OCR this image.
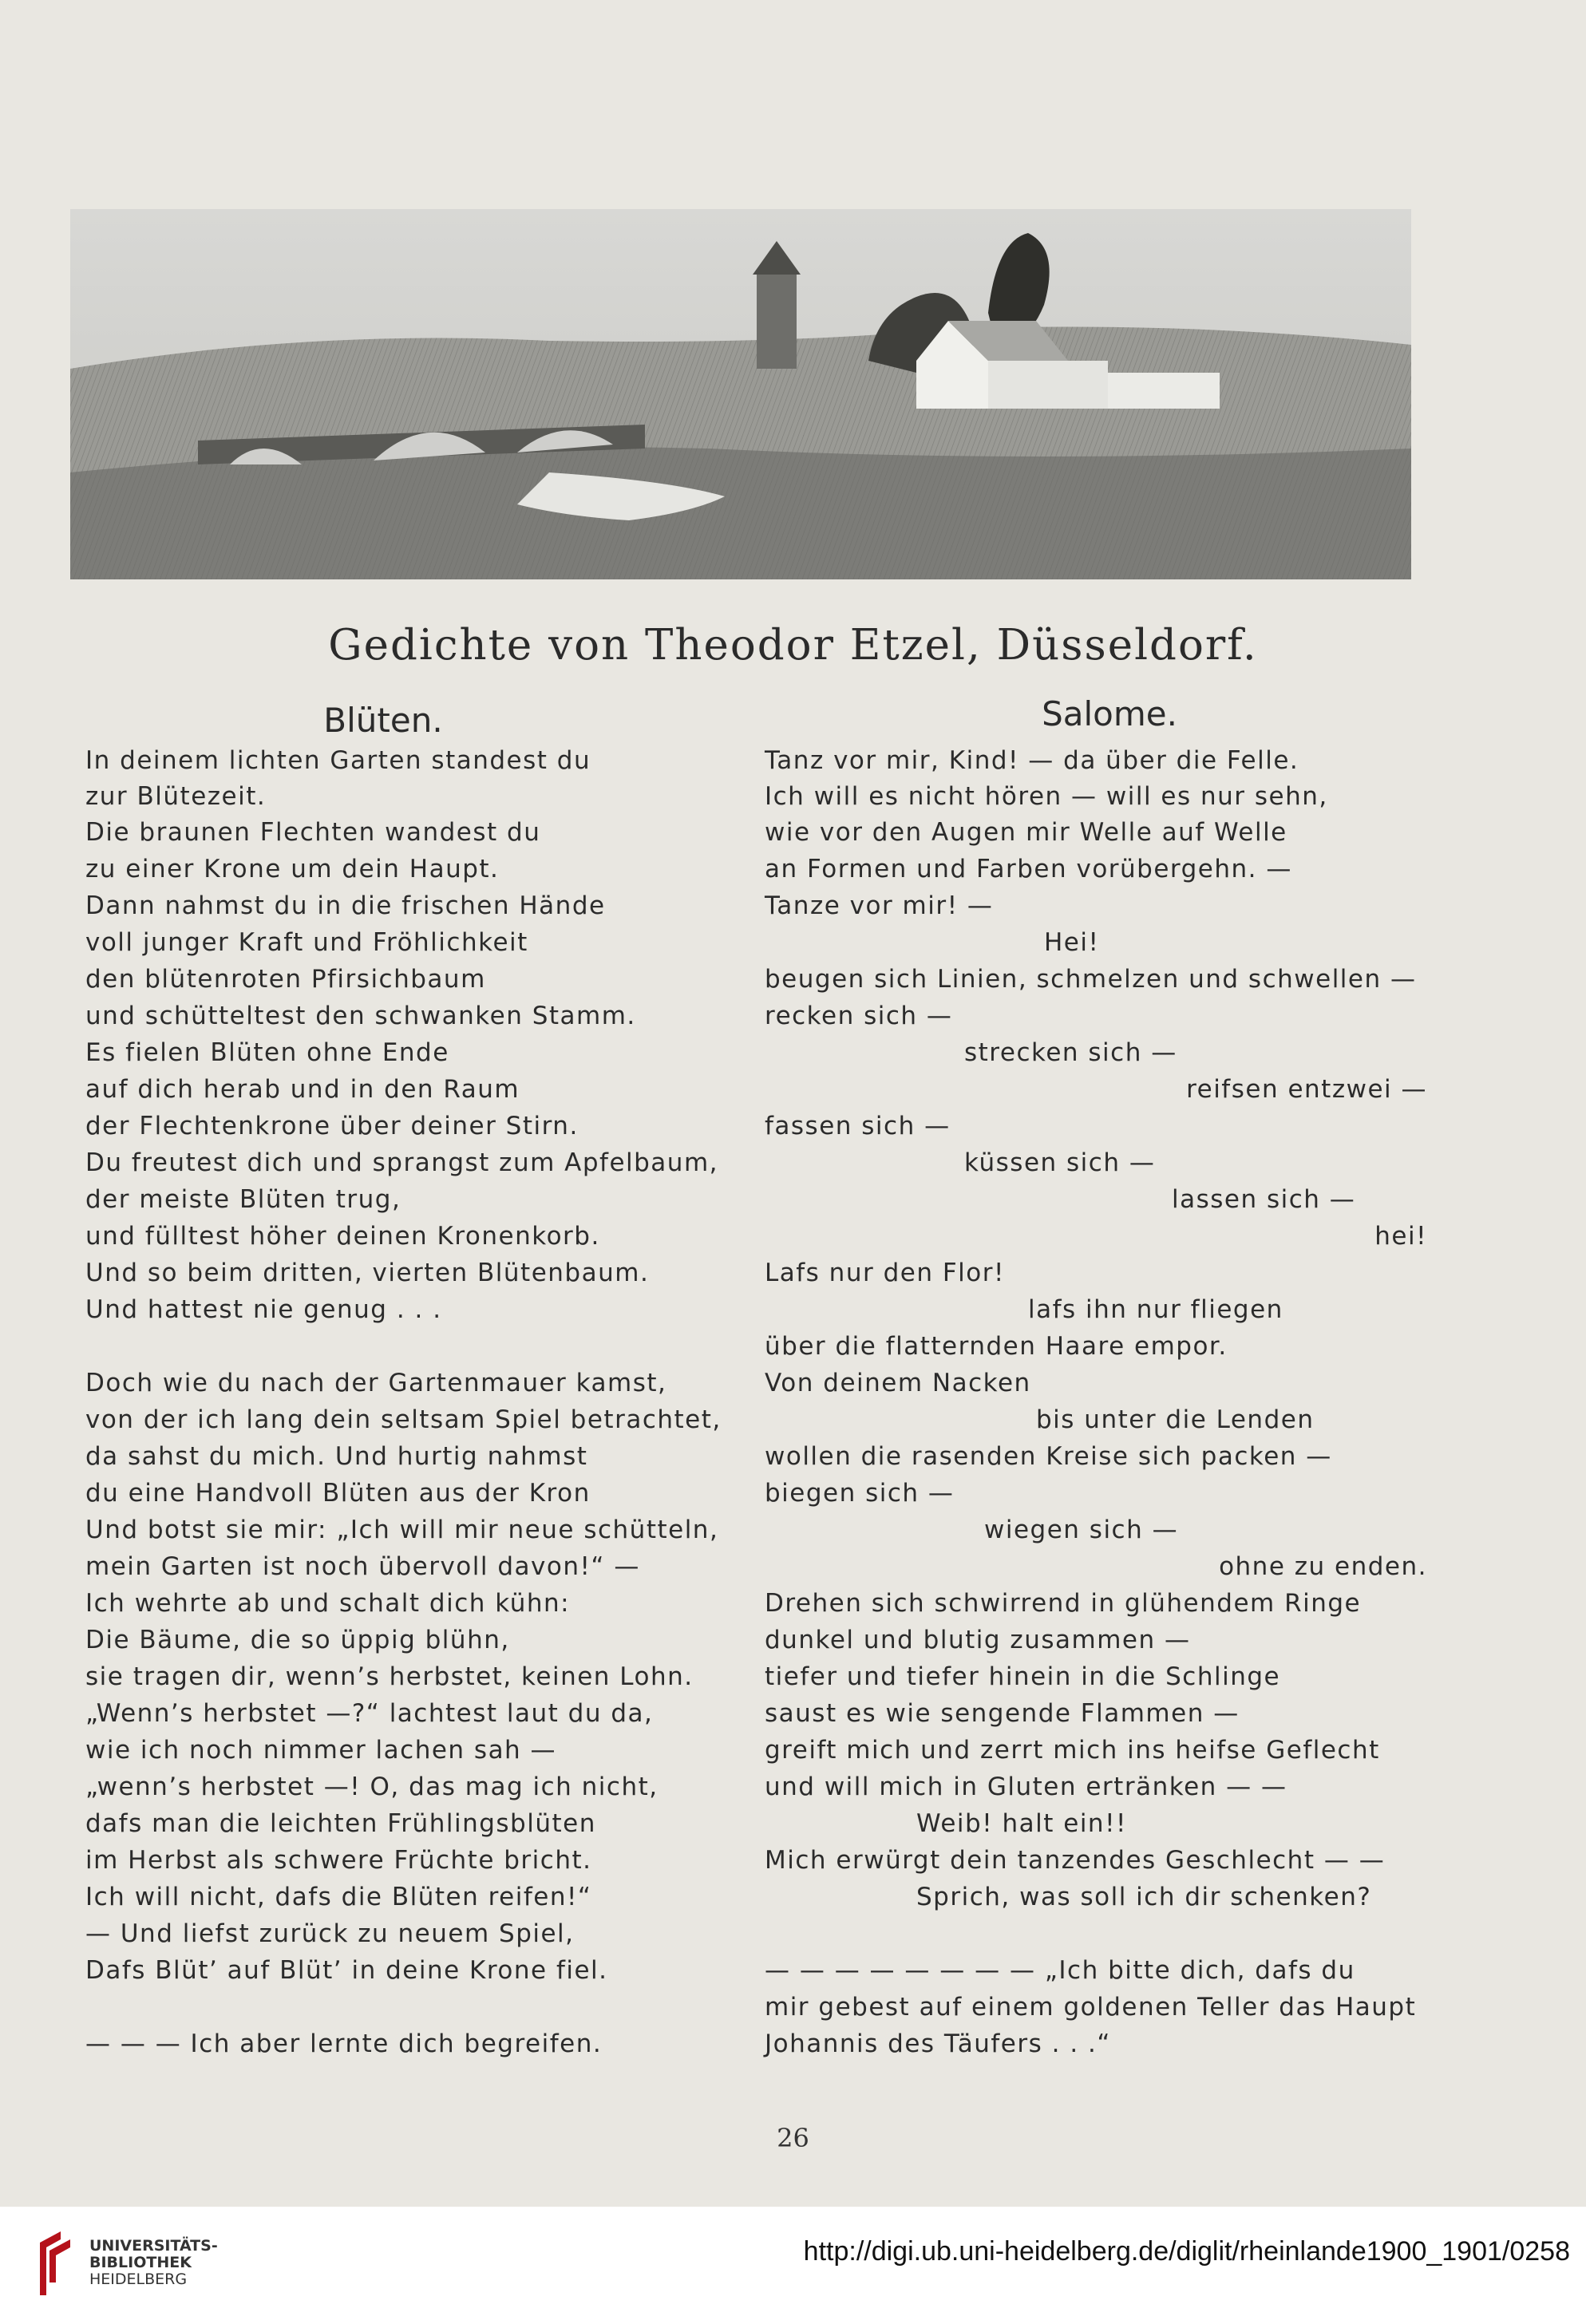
Gedichte von Theodor Etzel, Düsseldorf.
Blüten.	Salome.
In deinem lichten Garten standest du
zur Blütezeit.
Die braunen Flechten wandest du
zu einer Krone um dein Haupt.
Dann nahmst du in die frischen Hände
voll junger Kraft und Fröhlichkeit
den blütenroten Pfirsichbaum
und schütteltest den schwanken Stamm.
Es fielen Blüten ohne Ende
auf dich herab und in den Raum
der Flechtenkrone über deiner Stirn.
Du freutest dich und sprangst zum Apfelbaum,
der meiste Blüten trug,
und fülltest höher deinen Kronenkorb.
Und so beim dritten, vierten Blütenbaum.
Und hattest nie genug . . .
Doch wie du nach der Gartenmauer kamst,
von der ich lang dein seltsam Spiel betrachtet,
da sahst du mich. Und hurtig nahmst
du eine Handvoll Blüten aus der Kron
Und botst sie mir: „Ich will mir neue schütteln,
mein Garten ist noch übervoll davon!“ —
Ich wehrte ab und schalt dich kühn:
Die Bäume, die so üppig blühn,
sie tragen dir, wenn’s herbstet, keinen Lohn.
„Wenn’s herbstet —?“ lachtest laut du da,
wie ich noch nimmer lachen sah —
„wenn’s herbstet —! O, das mag ich nicht,
dafs man die leichten Frühlingsblüten
im Herbst als schwere Früchte bricht.
Ich will nicht, dafs die Blüten reifen!“
— Und liefst zurück zu neuem Spiel,
Dafs Blüt’ auf Blüt’ in deine Krone fiel.
— — — Ich aber lernte dich begreifen.
Tanz vor mir, Kind! — da über die Felle.
Ich will es nicht hören — will es nur sehn,
wie vor den Augen mir Welle auf Welle
an Formen und Farben vorübergehn. —
Tanze vor mir! —
Hei!
beugen sich Linien, schmelzen und schwellen —
recken sich —
strecken sich —
reifsen entzwei —
fassen sich —
küssen sich —
lassen sich —
hei!
Lafs nur den Flor!
lafs ihn nur fliegen
über die flatternden Haare empor.
Von deinem Nacken
bis unter die Lenden
wollen die rasenden Kreise sich packen —
biegen sich —
wiegen sich —
ohne zu enden.
Drehen sich schwirrend in glühendem Ringe
dunkel und blutig zusammen —
tiefer und tiefer hinein in die Schlinge
saust es wie sengende Flammen —
greift mich und zerrt mich ins heifse Geflecht
und will mich in Gluten ertränken — —
Weib! halt ein!!
Mich erwürgt dein tanzendes Geschlecht — —
Sprich, was soll ich dir schenken?
— — — — — — — — „Ich bitte dich, dafs du
mir gebest auf einem goldenen Teller das Haupt
Johannis des Täufers . . .“
26
UNIVERSITÄTS-
BIBLIOTHEK
HEIDELBERG
http://digi.ub.uni-heidelberg.de/diglit/rheinlande1900_1901/0258
